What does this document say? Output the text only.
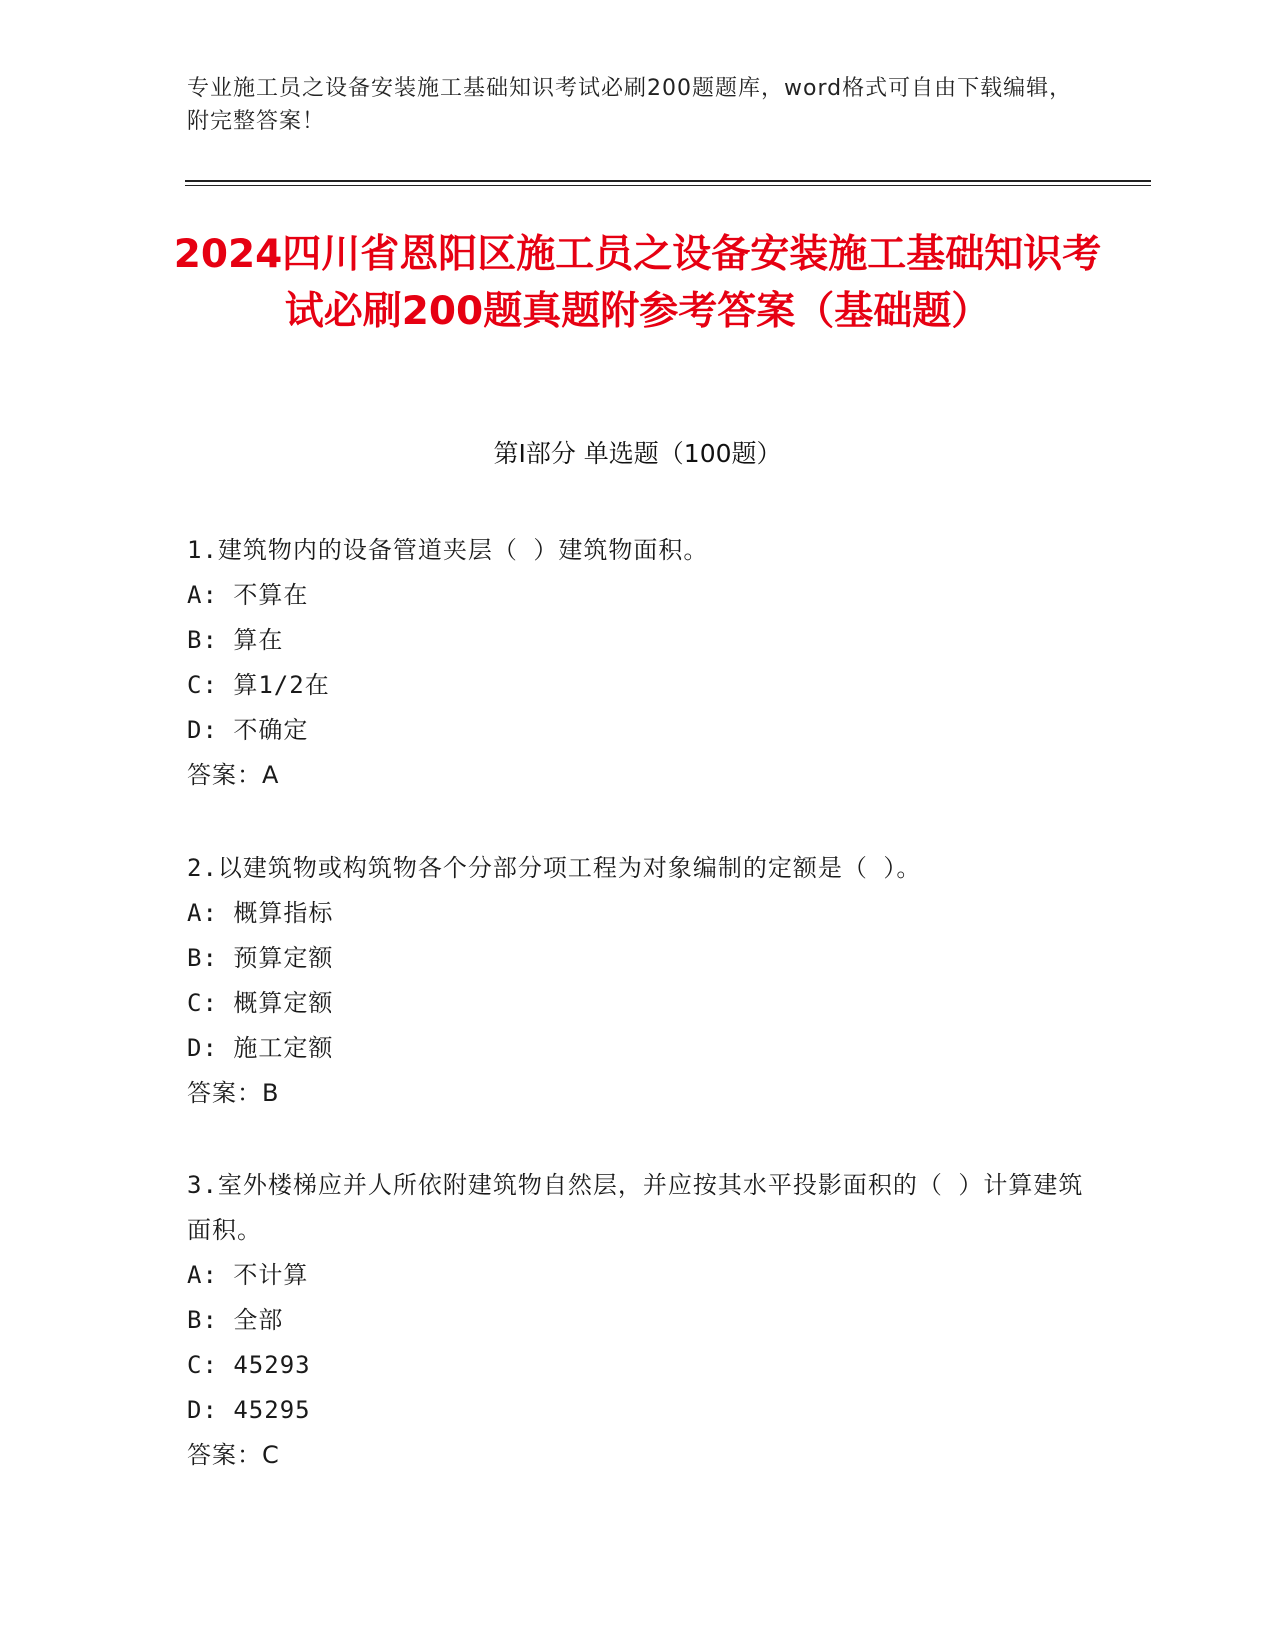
专业施工员之设备安装施工基础知识考试必刷200题题库，word格式可自由下载编辑，附完整答案！
2024四川省恩阳区施工员之设备安装施工基础知识考试必刷200题真题附参考答案（基础题）
第I部分 单选题（100题）
1.建筑物内的设备管道夹层（ ）建筑物面积。
A: 不算在
B: 算在
C: 算1/2在
D: 不确定
答案：A
2.以建筑物或构筑物各个分部分项工程为对象编制的定额是（ ）。
A: 概算指标
B: 预算定额
C: 概算定额
D: 施工定额
答案：B
3.室外楼梯应并人所依附建筑物自然层，并应按其水平投影面积的（ ）计算建筑面积。
A: 不计算
B: 全部
C: 45293
D: 45295
答案：C
